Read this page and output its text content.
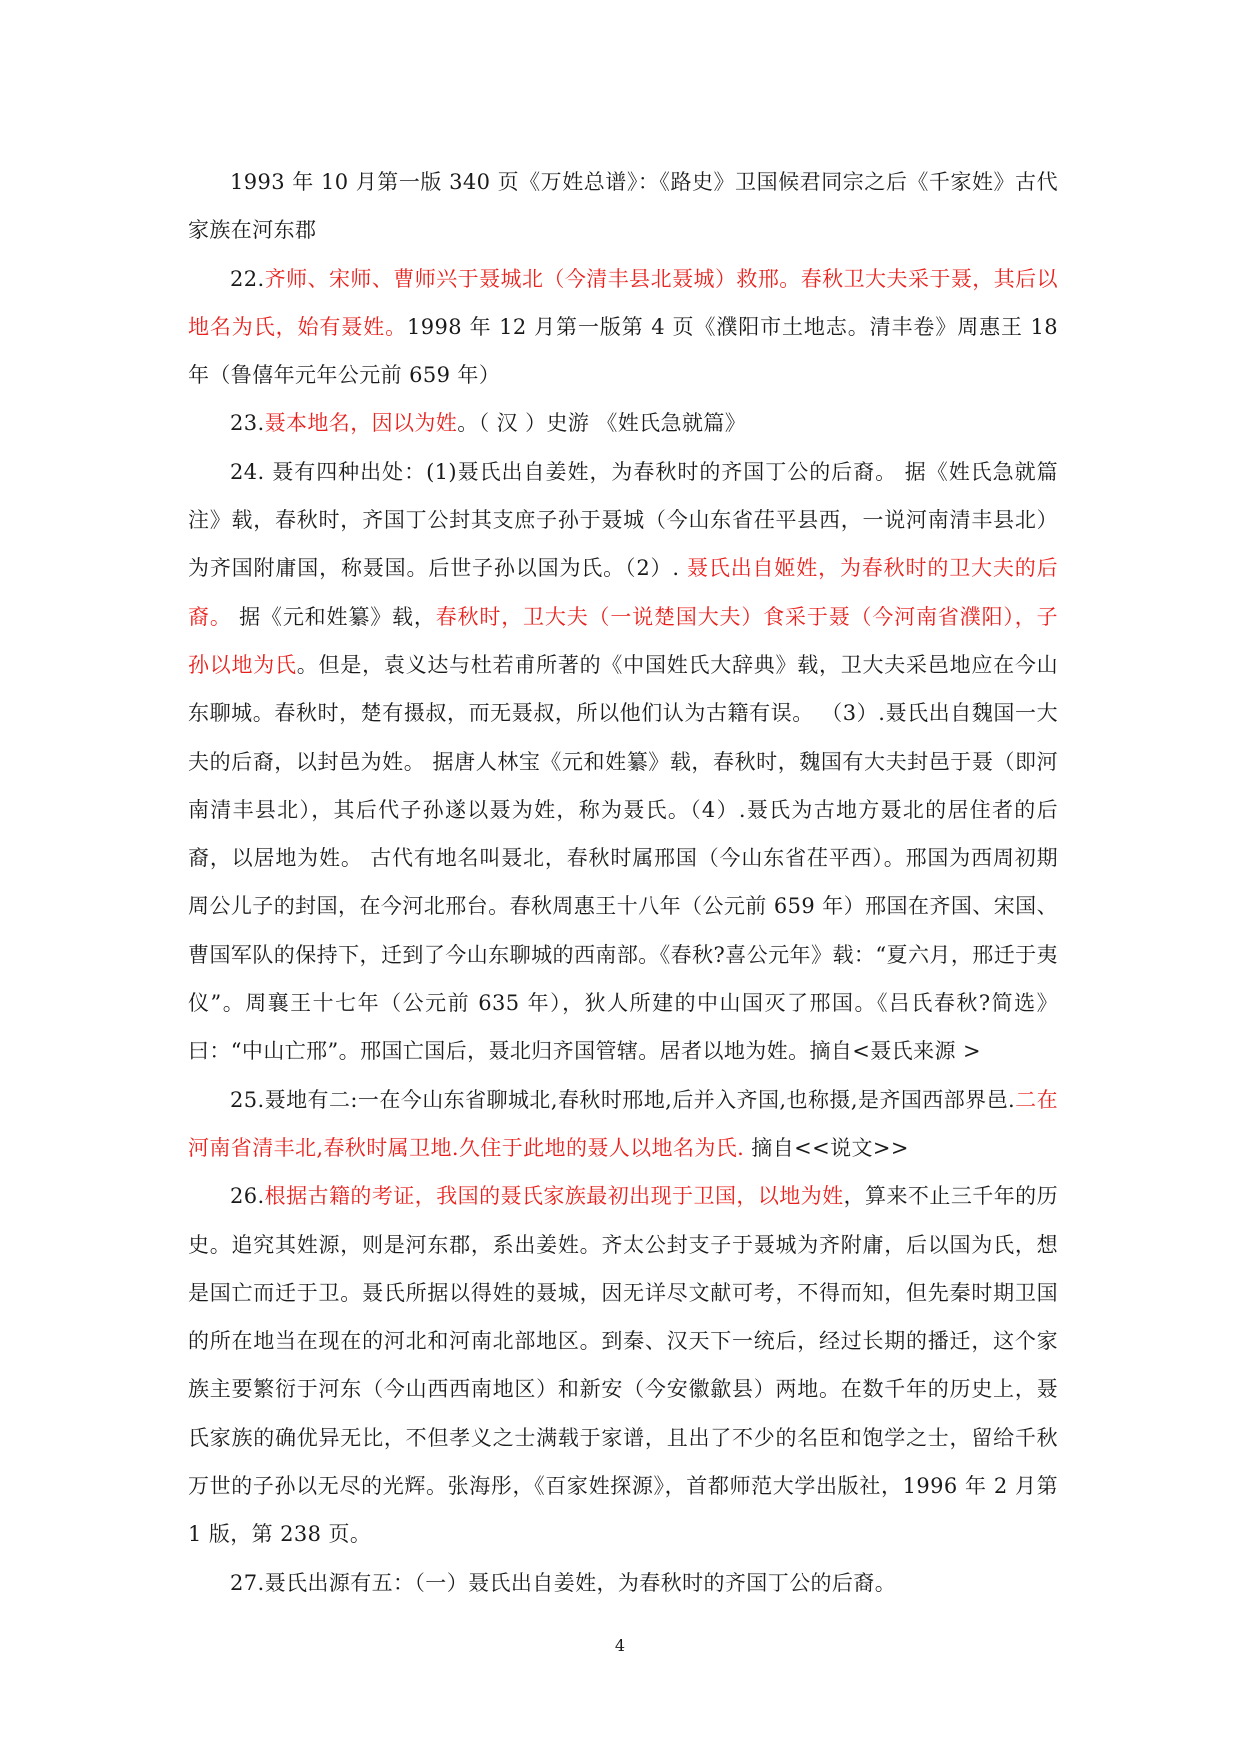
1993 年 10 月第一版 340 页《万姓总谱》：《路史》卫国候君同宗之后《千家姓》古代家族在河东郡

22.齐师、宋师、曹师兴于聂城北（今清丰县北聂城）救邢。春秋卫大夫采于聂，其后以地名为氏，始有聂姓。1998 年 12 月第一版第 4 页《濮阳市土地志。清丰卷》周惠王 18 年（鲁僖年元年公元前 659 年）

23.聂本地名，因以为姓。（ 汉 ）史游 《姓氏急就篇》

24. 聂有四种出处：(1)聂氏出自姜姓，为春秋时的齐国丁公的后裔。 据《姓氏急就篇注》载，春秋时，齐国丁公封其支庶子孙于聂城（今山东省茌平县西，一说河南清丰县北）为齐国附庸国，称聂国。后世子孙以国为氏。（2）. 聂氏出自姬姓，为春秋时的卫大夫的后裔。 据《元和姓纂》载，春秋时，卫大夫（一说楚国大夫）食采于聂（今河南省濮阳），子孙以地为氏。但是，袁义达与杜若甫所著的《中国姓氏大辞典》载，卫大夫采邑地应在今山东聊城。春秋时，楚有摄叔，而无聂叔，所以他们认为古籍有误。 （3）.聂氏出自魏国一大夫的后裔，以封邑为姓。 据唐人林宝《元和姓纂》载，春秋时，魏国有大夫封邑于聂（即河南清丰县北），其后代子孙遂以聂为姓，称为聂氏。（4）.聂氏为古地方聂北的居住者的后裔，以居地为姓。 古代有地名叫聂北，春秋时属邢国（今山东省茌平西）。邢国为西周初期周公儿子的封国，在今河北邢台。春秋周惠王十八年（公元前 659 年）邢国在齐国、宋国、曹国军队的保持下，迁到了今山东聊城的西南部。《春秋?喜公元年》载：“夏六月，邢迁于夷仪”。周襄王十七年（公元前 635 年），狄人所建的中山国灭了邢国。《吕氏春秋?简选》曰：“中山亡邢”。邢国亡国后，聂北归齐国管辖。居者以地为姓。摘自<聂氏来源 >

25.聂地有二:一在今山东省聊城北,春秋时邢地,后并入齐国,也称摄,是齐国西部界邑.二在河南省清丰北,春秋时属卫地.久住于此地的聂人以地名为氏. 摘自<<说文>>

26.根据古籍的考证，我国的聂氏家族最初出现于卫国，以地为姓，算来不止三千年的历史。追究其姓源，则是河东郡，系出姜姓。齐太公封支子于聂城为齐附庸，后以国为氏，想是国亡而迁于卫。聂氏所据以得姓的聂城，因无详尽文献可考，不得而知，但先秦时期卫国的所在地当在现在的河北和河南北部地区。到秦、汉天下一统后，经过长期的播迁，这个家族主要繁衍于河东（今山西西南地区）和新安（今安徽歙县）两地。在数千年的历史上，聂氏家族的确优异无比，不但孝义之士满载于家谱，且出了不少的名臣和饱学之士，留给千秋万世的子孙以无尽的光辉。张海彤，《百家姓探源》，首都师范大学出版社，1996 年 2 月第 1 版，第 238 页。

27.聂氏出源有五：（一）聂氏出自姜姓，为春秋时的齐国丁公的后裔。

4
